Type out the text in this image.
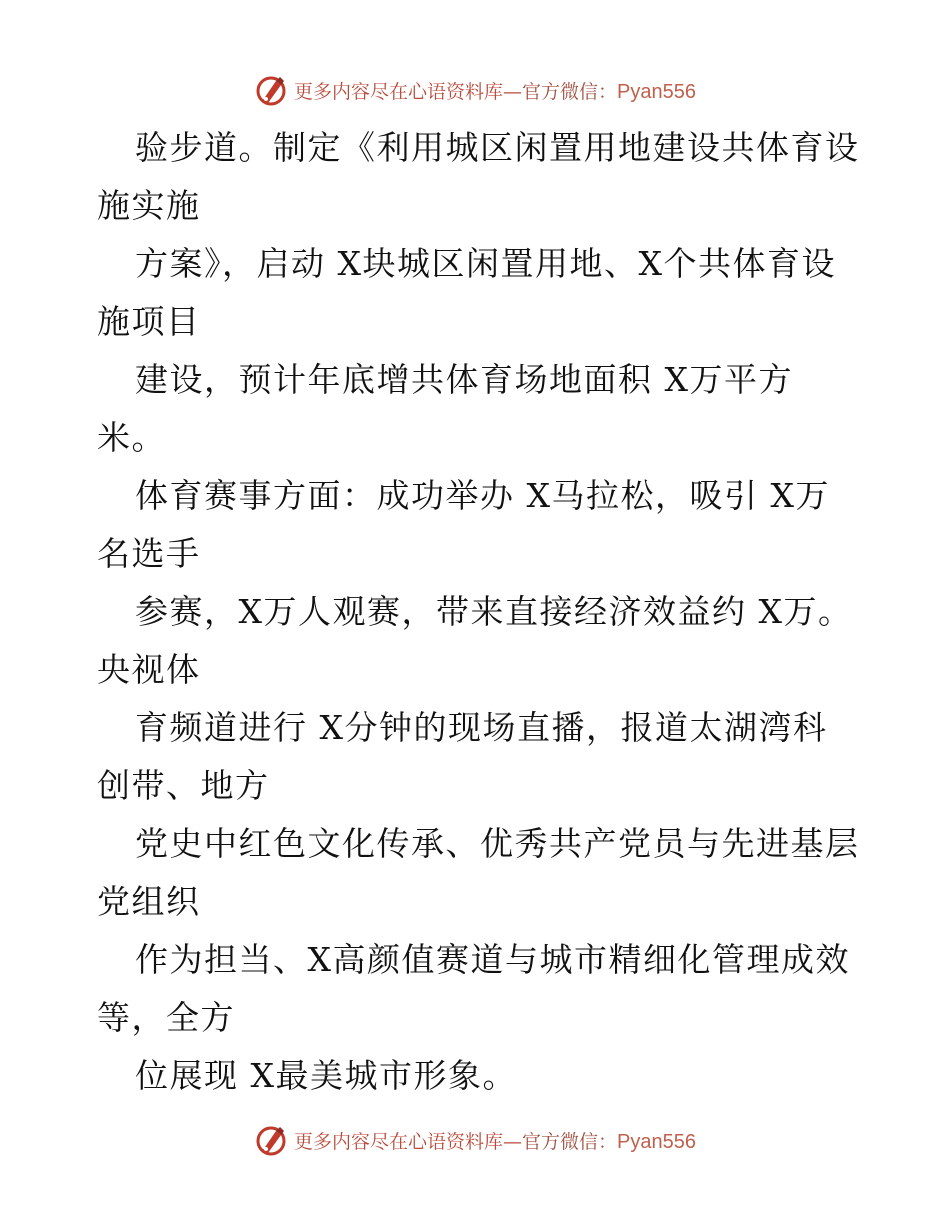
更多内容尽在心语资料库—官方微信：Pyan556
验步道。制定《利用城区闲置用地建设共体育设
施实施
方案》，启动 X块城区闲置用地、X个共体育设
施项目
建设，预计年底增共体育场地面积 X万平方
米。
体育赛事方面：成功举办 X马拉松，吸引 X万
名选手
参赛，X万人观赛，带来直接经济效益约 X万。
央视体
育频道进行 X分钟的现场直播，报道太湖湾科
创带、地方
党史中红色文化传承、优秀共产党员与先进基层
党组织
作为担当、X高颜值赛道与城市精细化管理成效
等，全方
位展现 X最美城市形象。
更多内容尽在心语资料库—官方微信：Pyan556
